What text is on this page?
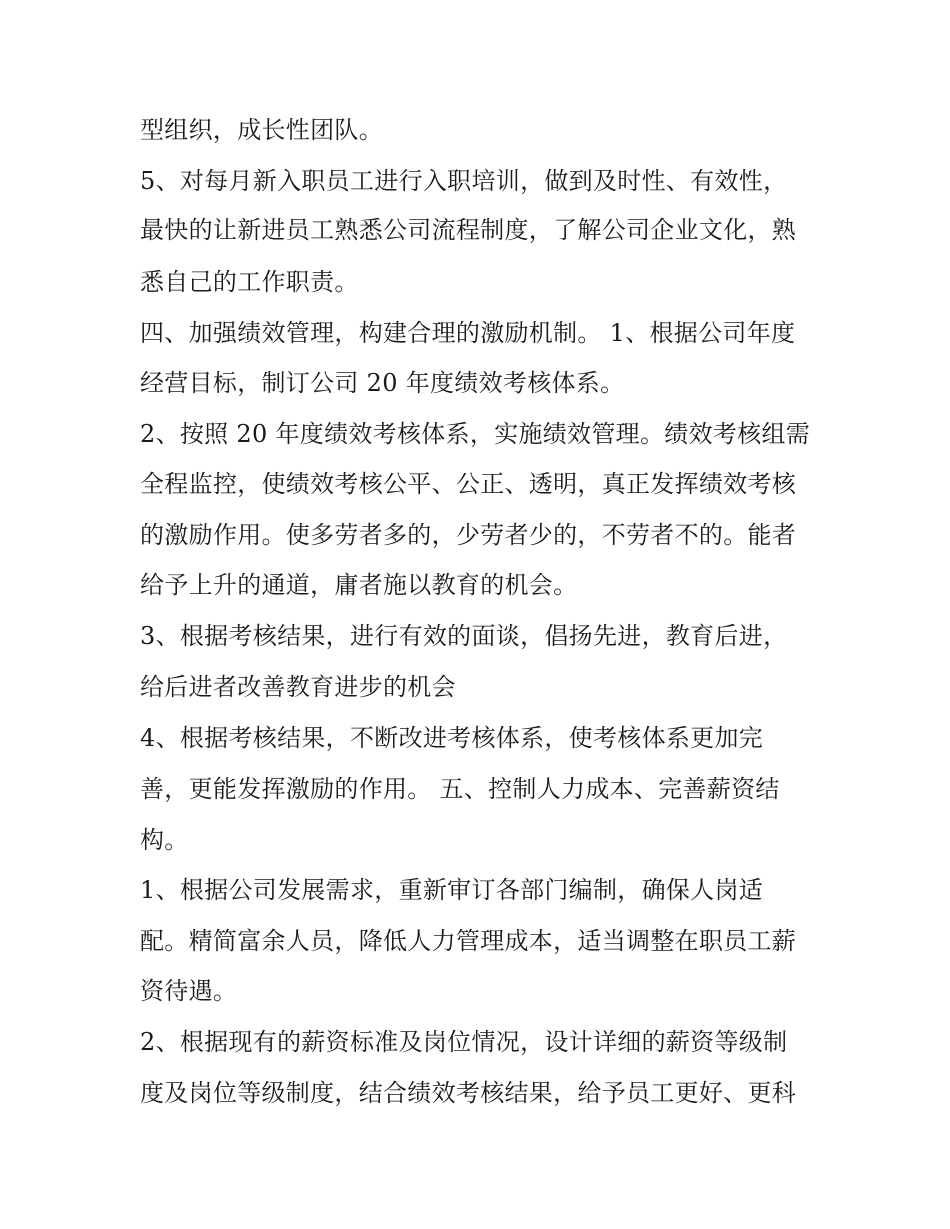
型组织，成长性团队。
5、对每月新入职员工进行入职培训，做到及时性、有效性，
最快的让新进员工熟悉公司流程制度，了解公司企业文化，熟
悉自己的工作职责。
四、加强绩效管理，构建合理的激励机制。 1、根据公司年度
经营目标，制订公司 20 年度绩效考核体系。
2、按照 20 年度绩效考核体系，实施绩效管理。绩效考核组需
全程监控，使绩效考核公平、公正、透明，真正发挥绩效考核
的激励作用。使多劳者多的，少劳者少的，不劳者不的。能者
给予上升的通道，庸者施以教育的机会。
3、根据考核结果，进行有效的面谈，倡扬先进，教育后进，
给后进者改善教育进步的机会
4、根据考核结果，不断改进考核体系，使考核体系更加完
善，更能发挥激励的作用。 五、控制人力成本、完善薪资结
构。
1、根据公司发展需求，重新审订各部门编制，确保人岗适
配。精简富余人员，降低人力管理成本，适当调整在职员工薪
资待遇。
2、根据现有的薪资标准及岗位情况，设计详细的薪资等级制
度及岗位等级制度，结合绩效考核结果，给予员工更好、更科
